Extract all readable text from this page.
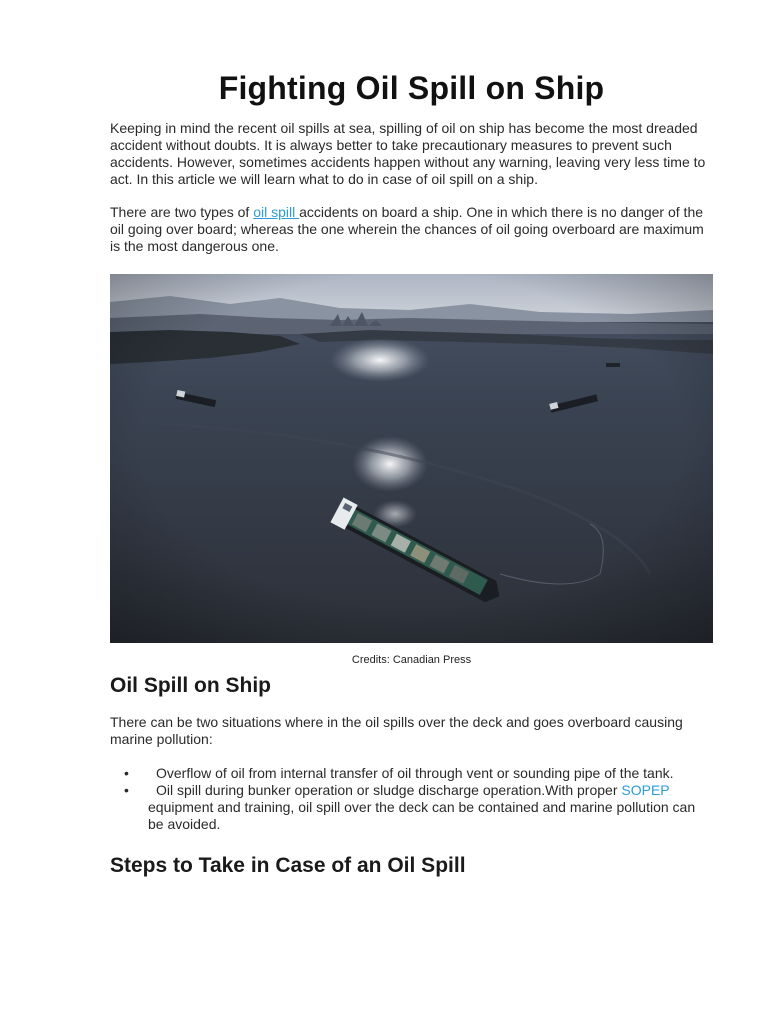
Fighting Oil Spill on Ship

Keeping in mind the recent oil spills at sea, spilling of oil on ship has become the most dreaded accident without doubts. It is always better to take precautionary measures to prevent such accidents. However, sometimes accidents happen without any warning, leaving very less time to act. In this article we will learn what to do in case of oil spill on a ship.

There are two types of oil spill accidents on board a ship. One in which there is no danger of the oil going over board; whereas the one wherein the chances of oil going overboard are maximum is the most dangerous one.

Credits: Canadian Press
Oil Spill on Ship

There can be two situations where in the oil spills over the deck and goes overboard causing marine pollution:

• Overflow of oil from internal transfer of oil through vent or sounding pipe of the tank.
• Oil spill during bunker operation or sludge discharge operation.With proper SOPEP equipment and training, oil spill over the deck can be contained and marine pollution can be avoided.
Steps to Take in Case of an Oil Spill
